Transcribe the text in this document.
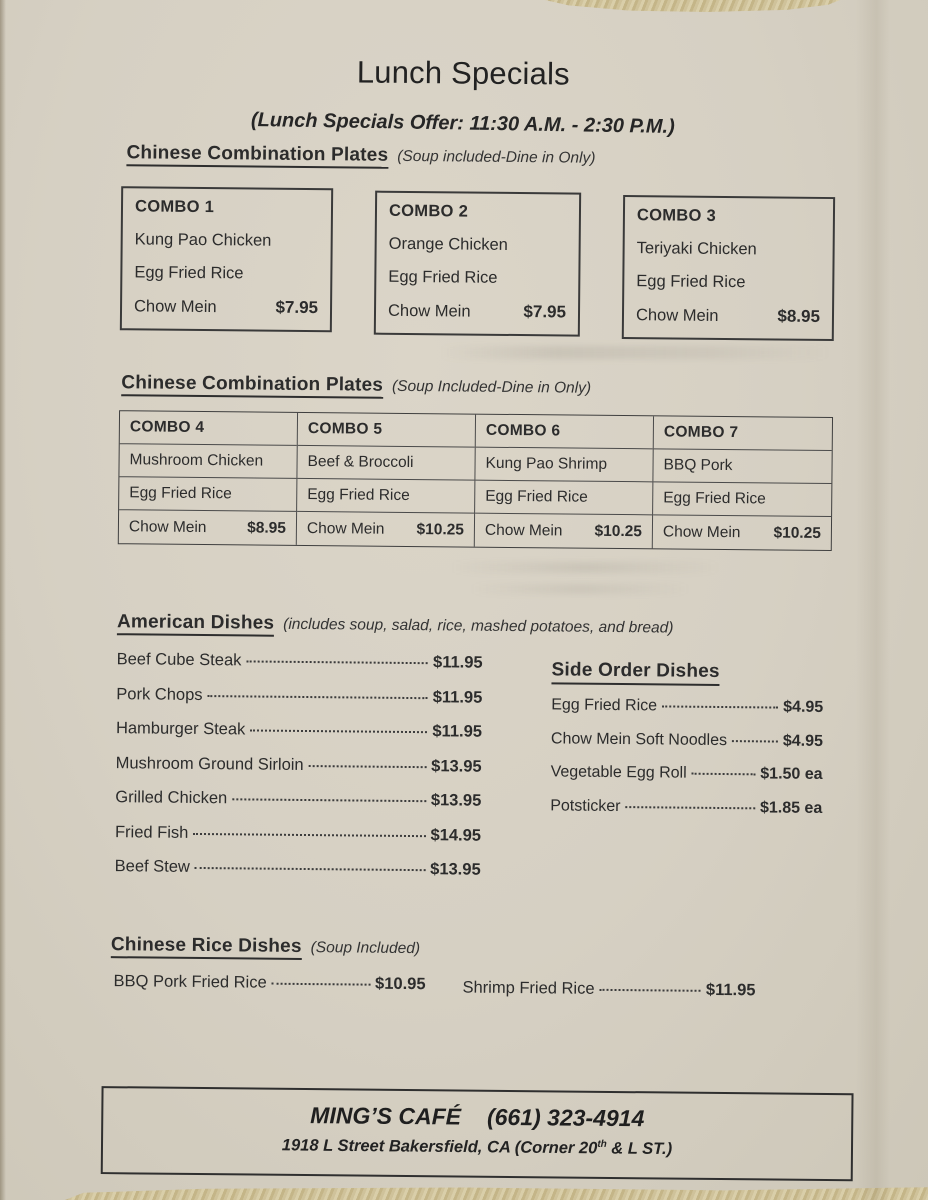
Lunch Specials
(Lunch Specials Offer: 11:30 A.M. - 2:30 P.M.)
Chinese Combination Plates (Soup included-Dine in Only)
COMBO 1
Kung Pao Chicken
Egg Fried Rice
Chow Mein	$7.95
COMBO 2
Orange Chicken
Egg Fried Rice
Chow Mein	$7.95
COMBO 3
Teriyaki Chicken
Egg Fried Rice
Chow Mein	$8.95
Chinese Combination Plates (Soup Included-Dine in Only)
COMBO 4
Mushroom Chicken
Egg Fried Rice
Chow Mein	$8.95
COMBO 5
Beef & Broccoli
Egg Fried Rice
Chow Mein $10.25
COMBO 6
Kung Pao Shrimp
Egg Fried Rice
Chow Mein $10.25
COMBO 7
BBQ Pork
Egg Fried Rice
Chow Mein $10.25
American Dishes (includes soup, salad, rice, mashed potatoes, and bread)
Beef Cube Steak	$11.95
Pork Chops	$11.95
Hamburger Steak	$11.95
Mushroom Ground Sirloin	$13.95
Grilled Chicken	$13.95
Fried Fish	$14.95
Beef Stew	$13.95
Side Order Dishes
Egg Fried Rice	$4.95
Chow Mein Soft Noodles	$4.95
Vegetable Egg Roll	$1.50 ea
Potsticker	$1.85 ea
Chinese Rice Dishes (Soup Included)
BBQ Pork Fried Rice	$10.95 Shrimp Fried Rice	$11.95
MING’S CAFÉ (661) 323-4914
1918 L Street Bakersfield, CA (Corner 20th & L ST.)
